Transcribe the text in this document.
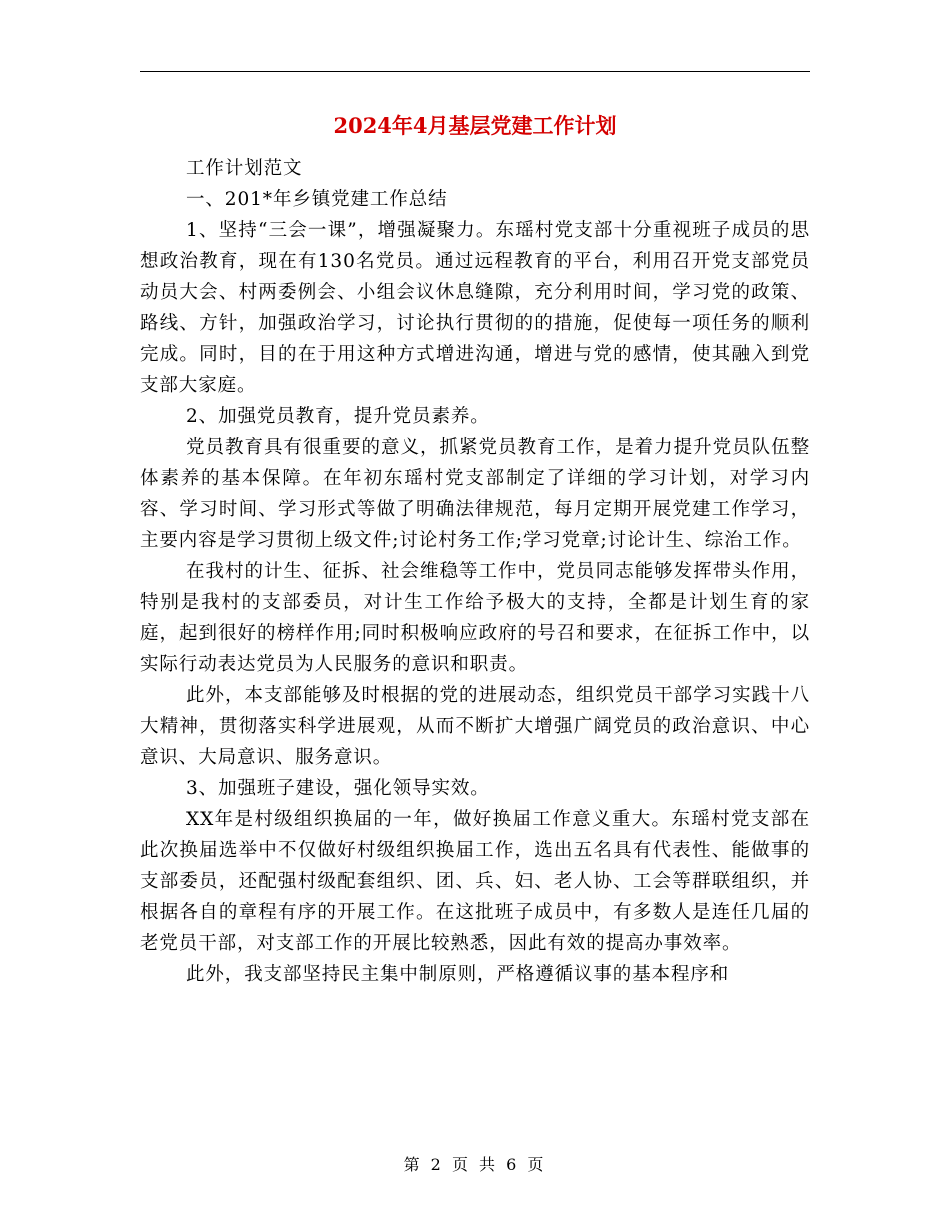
2024年4月基层党建工作计划

工作计划范文

一、201*年乡镇党建工作总结

1、坚持“三会一课”，增强凝聚力。东瑶村党支部十分重视班子成员的思想政治教育，现在有130名党员。通过远程教育的平台，利用召开党支部党员动员大会、村两委例会、小组会议休息缝隙，充分利用时间，学习党的政策、路线、方针，加强政治学习，讨论执行贯彻的的措施，促使每一项任务的顺利完成。同时，目的在于用这种方式增进沟通，增进与党的感情，使其融入到党支部大家庭。

2、加强党员教育，提升党员素养。

党员教育具有很重要的意义，抓紧党员教育工作，是着力提升党员队伍整体素养的基本保障。在年初东瑶村党支部制定了详细的学习计划，对学习内容、学习时间、学习形式等做了明确法律规范，每月定期开展党建工作学习，主要内容是学习贯彻上级文件;讨论村务工作;学习党章;讨论计生、综治工作。

在我村的计生、征拆、社会维稳等工作中，党员同志能够发挥带头作用，特别是我村的支部委员，对计生工作给予极大的支持，全都是计划生育的家庭，起到很好的榜样作用;同时积极响应政府的号召和要求，在征拆工作中，以实际行动表达党员为人民服务的意识和职责。

此外，本支部能够及时根据的党的进展动态，组织党员干部学习实践十八大精神，贯彻落实科学进展观，从而不断扩大增强广阔党员的政治意识、中心意识、大局意识、服务意识。

3、加强班子建设，强化领导实效。

XX年是村级组织换届的一年，做好换届工作意义重大。东瑶村党支部在此次换届选举中不仅做好村级组织换届工作，选出五名具有代表性、能做事的支部委员，还配强村级配套组织、团、兵、妇、老人协、工会等群联组织，并根据各自的章程有序的开展工作。在这批班子成员中，有多数人是连任几届的老党员干部，对支部工作的开展比较熟悉，因此有效的提高办事效率。

此外，我支部坚持民主集中制原则，严格遵循议事的基本程序和

第 2 页 共 6 页
